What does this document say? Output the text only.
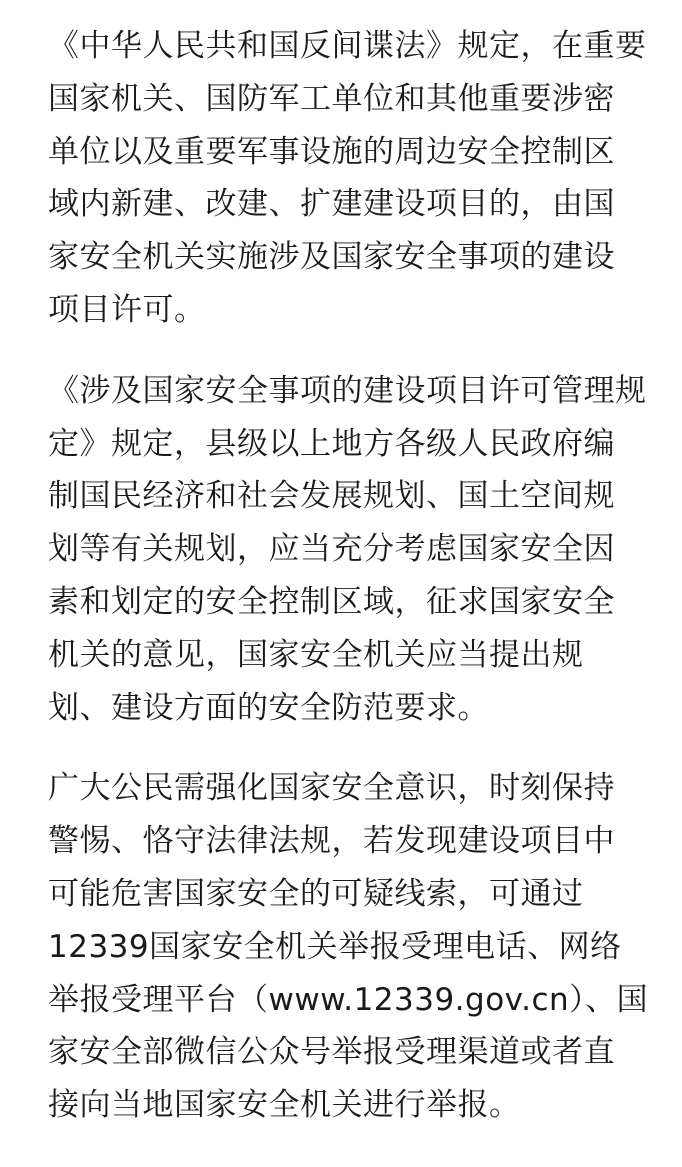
《中华人民共和国反间谍法》规定，在重要
国家机关、国防军工单位和其他重要涉密
单位以及重要军事设施的周边安全控制区
域内新建、改建、扩建建设项目的，由国
家安全机关实施涉及国家安全事项的建设
项目许可。

《涉及国家安全事项的建设项目许可管理规
定》规定，县级以上地方各级人民政府编
制国民经济和社会发展规划、国土空间规
划等有关规划，应当充分考虑国家安全因
素和划定的安全控制区域，征求国家安全
机关的意见，国家安全机关应当提出规
划、建设方面的安全防范要求。

广大公民需强化国家安全意识，时刻保持
警惕、恪守法律法规，若发现建设项目中
可能危害国家安全的可疑线索，可通过
12339国家安全机关举报受理电话、网络
举报受理平台（www.12339.gov.cn）、国
家安全部微信公众号举报受理渠道或者直
接向当地国家安全机关进行举报。
